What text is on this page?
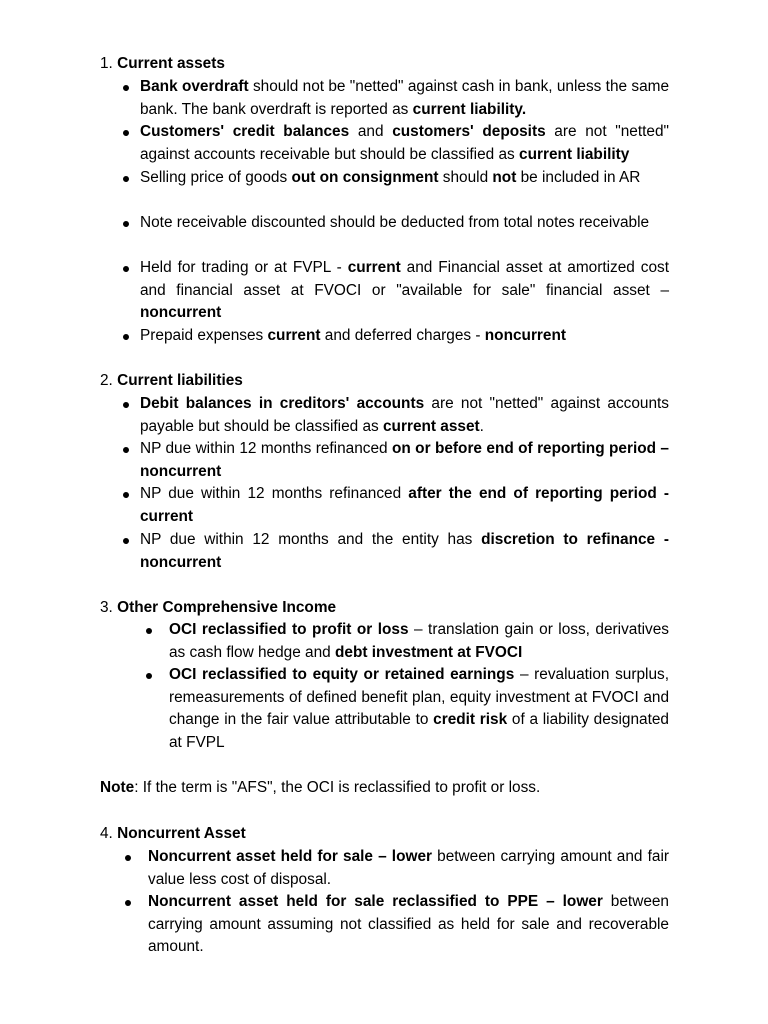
1. Current assets
Bank overdraft should not be "netted" against cash in bank, unless the same bank. The bank overdraft is reported as current liability.
Customers' credit balances and customers' deposits are not "netted" against accounts receivable but should be classified as current liability
Selling price of goods out on consignment should not be included in AR
Note receivable discounted should be deducted from total notes receivable
Held for trading or at FVPL - current and Financial asset at amortized cost and financial asset at FVOCI or "available for sale" financial asset – noncurrent
Prepaid expenses current and deferred charges - noncurrent
2. Current liabilities
Debit balances in creditors' accounts are not "netted" against accounts payable but should be classified as current asset.
NP due within 12 months refinanced on or before end of reporting period – noncurrent
NP due within 12 months refinanced after the end of reporting period - current
NP due within 12 months and the entity has discretion to refinance - noncurrent
3. Other Comprehensive Income
OCI reclassified to profit or loss – translation gain or loss, derivatives as cash flow hedge and debt investment at FVOCI
OCI reclassified to equity or retained earnings – revaluation surplus, remeasurements of defined benefit plan, equity investment at FVOCI and change in the fair value attributable to credit risk of a liability designated at FVPL
Note: If the term is "AFS", the OCI is reclassified to profit or loss.
4. Noncurrent Asset
Noncurrent asset held for sale – lower between carrying amount and fair value less cost of disposal.
Noncurrent asset held for sale reclassified to PPE – lower between carrying amount assuming not classified as held for sale and recoverable amount.
